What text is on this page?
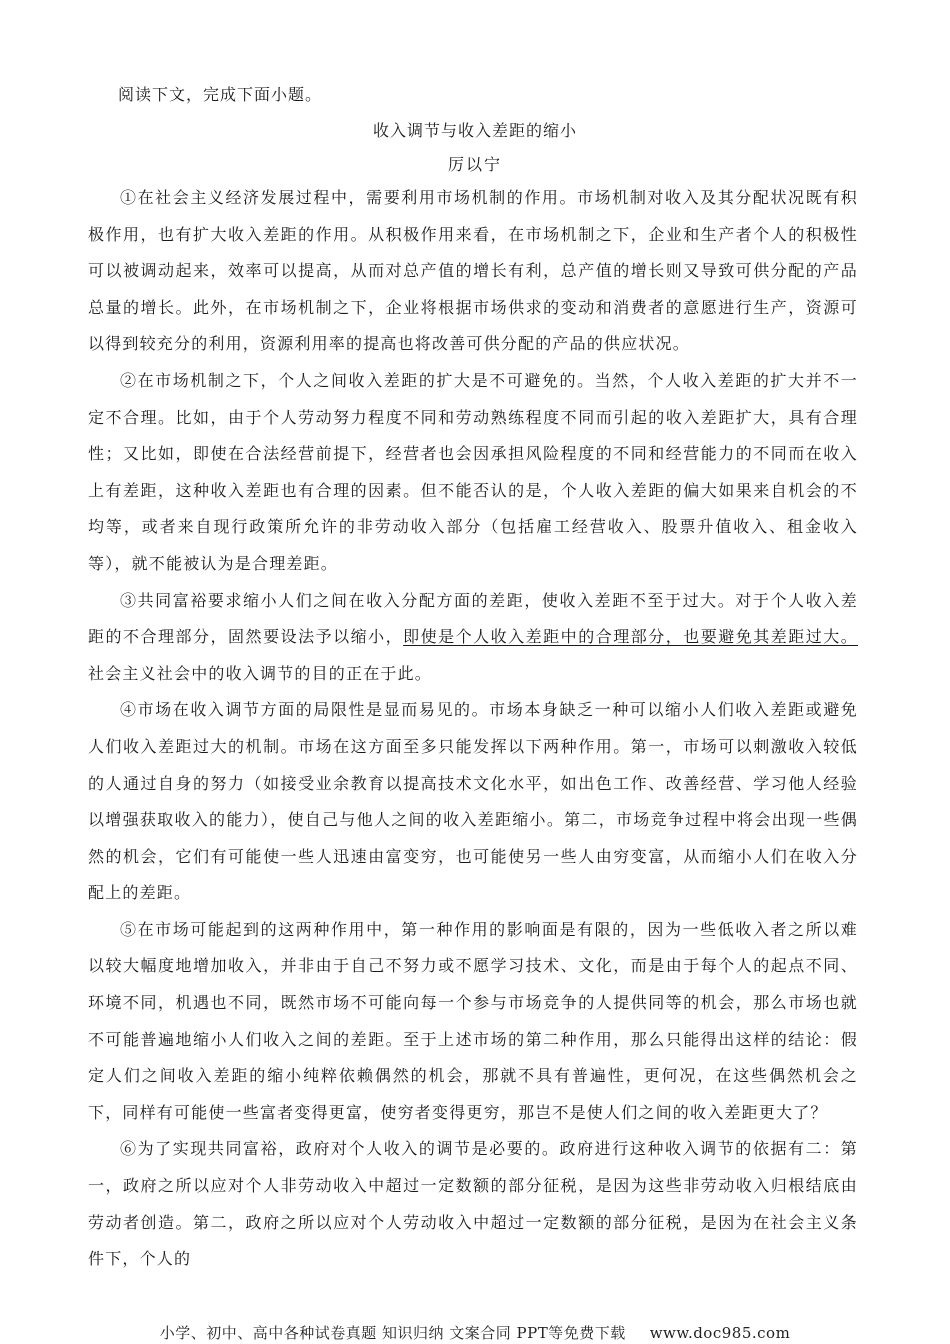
阅读下文，完成下面小题。
收入调节与收入差距的缩小
厉以宁

①在社会主义经济发展过程中，需要利用市场机制的作用。市场机制对收入及其分配状况既有积极作用，也有扩大收入差距的作用。从积极作用来看，在市场机制之下，企业和生产者个人的积极性可以被调动起来，效率可以提高，从而对总产值的增长有利，总产值的增长则又导致可供分配的产品总量的增长。此外，在市场机制之下，企业将根据市场供求的变动和消费者的意愿进行生产，资源可以得到较充分的利用，资源利用率的提高也将改善可供分配的产品的供应状况。

②在市场机制之下，个人之间收入差距的扩大是不可避免的。当然，个人收入差距的扩大并不一定不合理。比如，由于个人劳动努力程度不同和劳动熟练程度不同而引起的收入差距扩大，具有合理性；又比如，即使在合法经营前提下，经营者也会因承担风险程度的不同和经营能力的不同而在收入上有差距，这种收入差距也有合理的因素。但不能否认的是，个人收入差距的偏大如果来自机会的不均等，或者来自现行政策所允许的非劳动收入部分（包括雇工经营收入、股票升值收入、租金收入等），就不能被认为是合理差距。

③共同富裕要求缩小人们之间在收入分配方面的差距，使收入差距不至于过大。对于个人收入差距的不合理部分，固然要设法予以缩小，即使是个人收入差距中的合理部分，也要避免其差距过大。社会主义社会中的收入调节的目的正在于此。

④市场在收入调节方面的局限性是显而易见的。市场本身缺乏一种可以缩小人们收入差距或避免人们收入差距过大的机制。市场在这方面至多只能发挥以下两种作用。第一，市场可以刺激收入较低的人通过自身的努力（如接受业余教育以提高技术文化水平，如出色工作、改善经营、学习他人经验以增强获取收入的能力），使自己与他人之间的收入差距缩小。第二，市场竞争过程中将会出现一些偶然的机会，它们有可能使一些人迅速由富变穷，也可能使另一些人由穷变富，从而缩小人们在收入分配上的差距。

⑤在市场可能起到的这两种作用中，第一种作用的影响面是有限的，因为一些低收入者之所以难以较大幅度地增加收入，并非由于自己不努力或不愿学习技术、文化，而是由于每个人的起点不同、环境不同，机遇也不同，既然市场不可能向每一个参与市场竞争的人提供同等的机会，那么市场也就不可能普遍地缩小人们收入之间的差距。至于上述市场的第二种作用，那么只能得出这样的结论：假定人们之间收入差距的缩小纯粹依赖偶然的机会，那就不具有普遍性，更何况，在这些偶然机会之下，同样有可能使一些富者变得更富，使穷者变得更穷，那岂不是使人们之间的收入差距更大了？

⑥为了实现共同富裕，政府对个人收入的调节是必要的。政府进行这种收入调节的依据有二：第一，政府之所以应对个人非劳动收入中超过一定数额的部分征税，是因为这些非劳动收入归根结底由劳动者创造。第二，政府之所以应对个人劳动收入中超过一定数额的部分征税，是因为在社会主义条件下，个人的

小学、初中、高中各种试卷真题 知识归纳 文案合同 PPT等免费下载 www.doc985.com
